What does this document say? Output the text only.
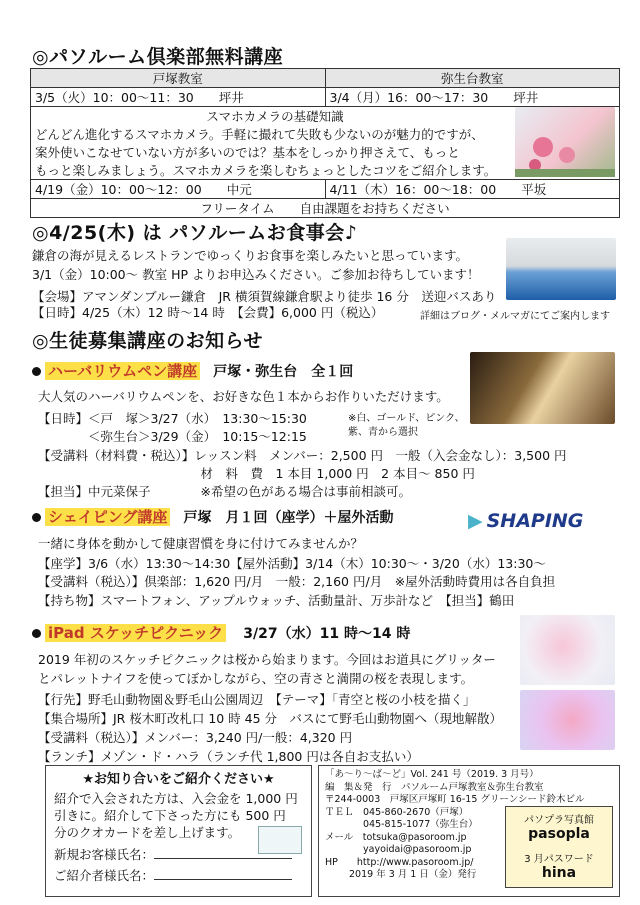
◎パソルーム倶楽部無料講座
戸塚教室	弥生台教室
3/5（火）10：00～11：30　　坪井	3/4（月）16：00～17：30　　坪井

スマホカメラの基礎知識
どんどん進化するスマホカメラ。手軽に撮れて失敗も少ないのが魅力的ですが、
案外使いこなせていない方が多いのでは？基本をしっかり押さえて、もっと
もっと楽しみましょう。スマホカメラを楽しむちょっとしたコツをご紹介します。	

4/19（金）10：00～12：00　　中元	4/11（木）16：00～18：00　　平坂
フリータイム　　自由課題をお持ちください	
◎4/25(木) は パソルームお食事会♪
鎌倉の海が見えるレストランでゆっくりお食事を楽しみたいと思っています。
3/1（金）10:00～ 教室 HP よりお申込みください。ご参加お待ちしています！
【会場】アマンダンブルー鎌倉　JR 横須賀線鎌倉駅より徒歩 16 分　送迎バスあり
【日時】4/25（木）12 時～14 時　【会費】6,000 円（税込）	詳細はブログ・メルマガにてご案内します
◎生徒募集講座のお知らせ
ハーバリウムペン講座 戸塚・弥生台　全１回
大人気のハーバリウムペンを、お好きな色１本からお作りいただけます。
【日時】＜戸　塚＞3/27（水）　13:30～15:30
　　　　＜弥生台＞3/29（金）　10:15～12:15
※白、ゴールド、ピンク、
紫、青から選択
【受講料（材料費・税込）】レッスン料　メンバー：2,500 円　一般（入会金なし）：3,500 円
　　　　　　　　　　　　　材　料　費　1 本目 1,000 円　2 本目～ 850 円
【担当】中元菜保子　　　　※希望の色がある場合は事前相談可。
シェイピング講座 戸塚　月１回（座学）＋屋外活動	▶ SHAPING
一緒に身体を動かして健康習慣を身に付けてみませんか？
【座学】3/6（水）13:30～14:30【屋外活動】3/14（木）10:30～・3/20（水）13:30～
【受講料（税込）】倶楽部：1,620 円/月　一般：2,160 円/月　※屋外活動時費用は各自負担
【持ち物】スマートフォン、アップルウォッチ、活動量計、万歩計など　【担当】鶴田
iPad スケッチピクニック 3/27（水）11 時～14 時
2019 年初のスケッチピクニックは桜から始まります。今回はお道具にグリッター
とパレットナイフを使ってぼかしながら、空の青さと満開の桜を表現します。
【行先】野毛山動物園＆野毛山公園周辺　【テーマ】「青空と桜の小枝を描く」
【集合場所】JR 桜木町改札口 10 時 45 分　バスにて野毛山動物園へ（現地解散）
【受講料（税込）】メンバー：3,240 円/一般：4,320 円
【ランチ】メゾン・ド・ハラ（ランチ代 1,800 円は各自お支払い）
★お知り合いをご紹介ください★
紹介で入会された方は、入会金を 1,000 円
引きに。紹介して下さった方にも 500 円
分のクオカードを差し上げます。
新規お客様氏名：
ご紹介者様氏名：
「あ～り～ば～ど」Vol. 241 号（2019. 3 月号）
編　集＆発　行　パソルーム戸塚教室＆弥生台教室
〒244-0003　戸塚区戸塚町 16-15 グリーンシード鈴木ビル
ＴＥＬ　045-860-2670（戸塚）
　　　　045-815-1077（弥生台）
メール　totsuka@pasoroom.jp
　　　　yayoidai@pasoroom.jp
HP　　http://www.pasoroom.jp/
2019 年 3 月 1 日（金）発行
パソプラ写真館
pasopla
3 月パスワード
hina
